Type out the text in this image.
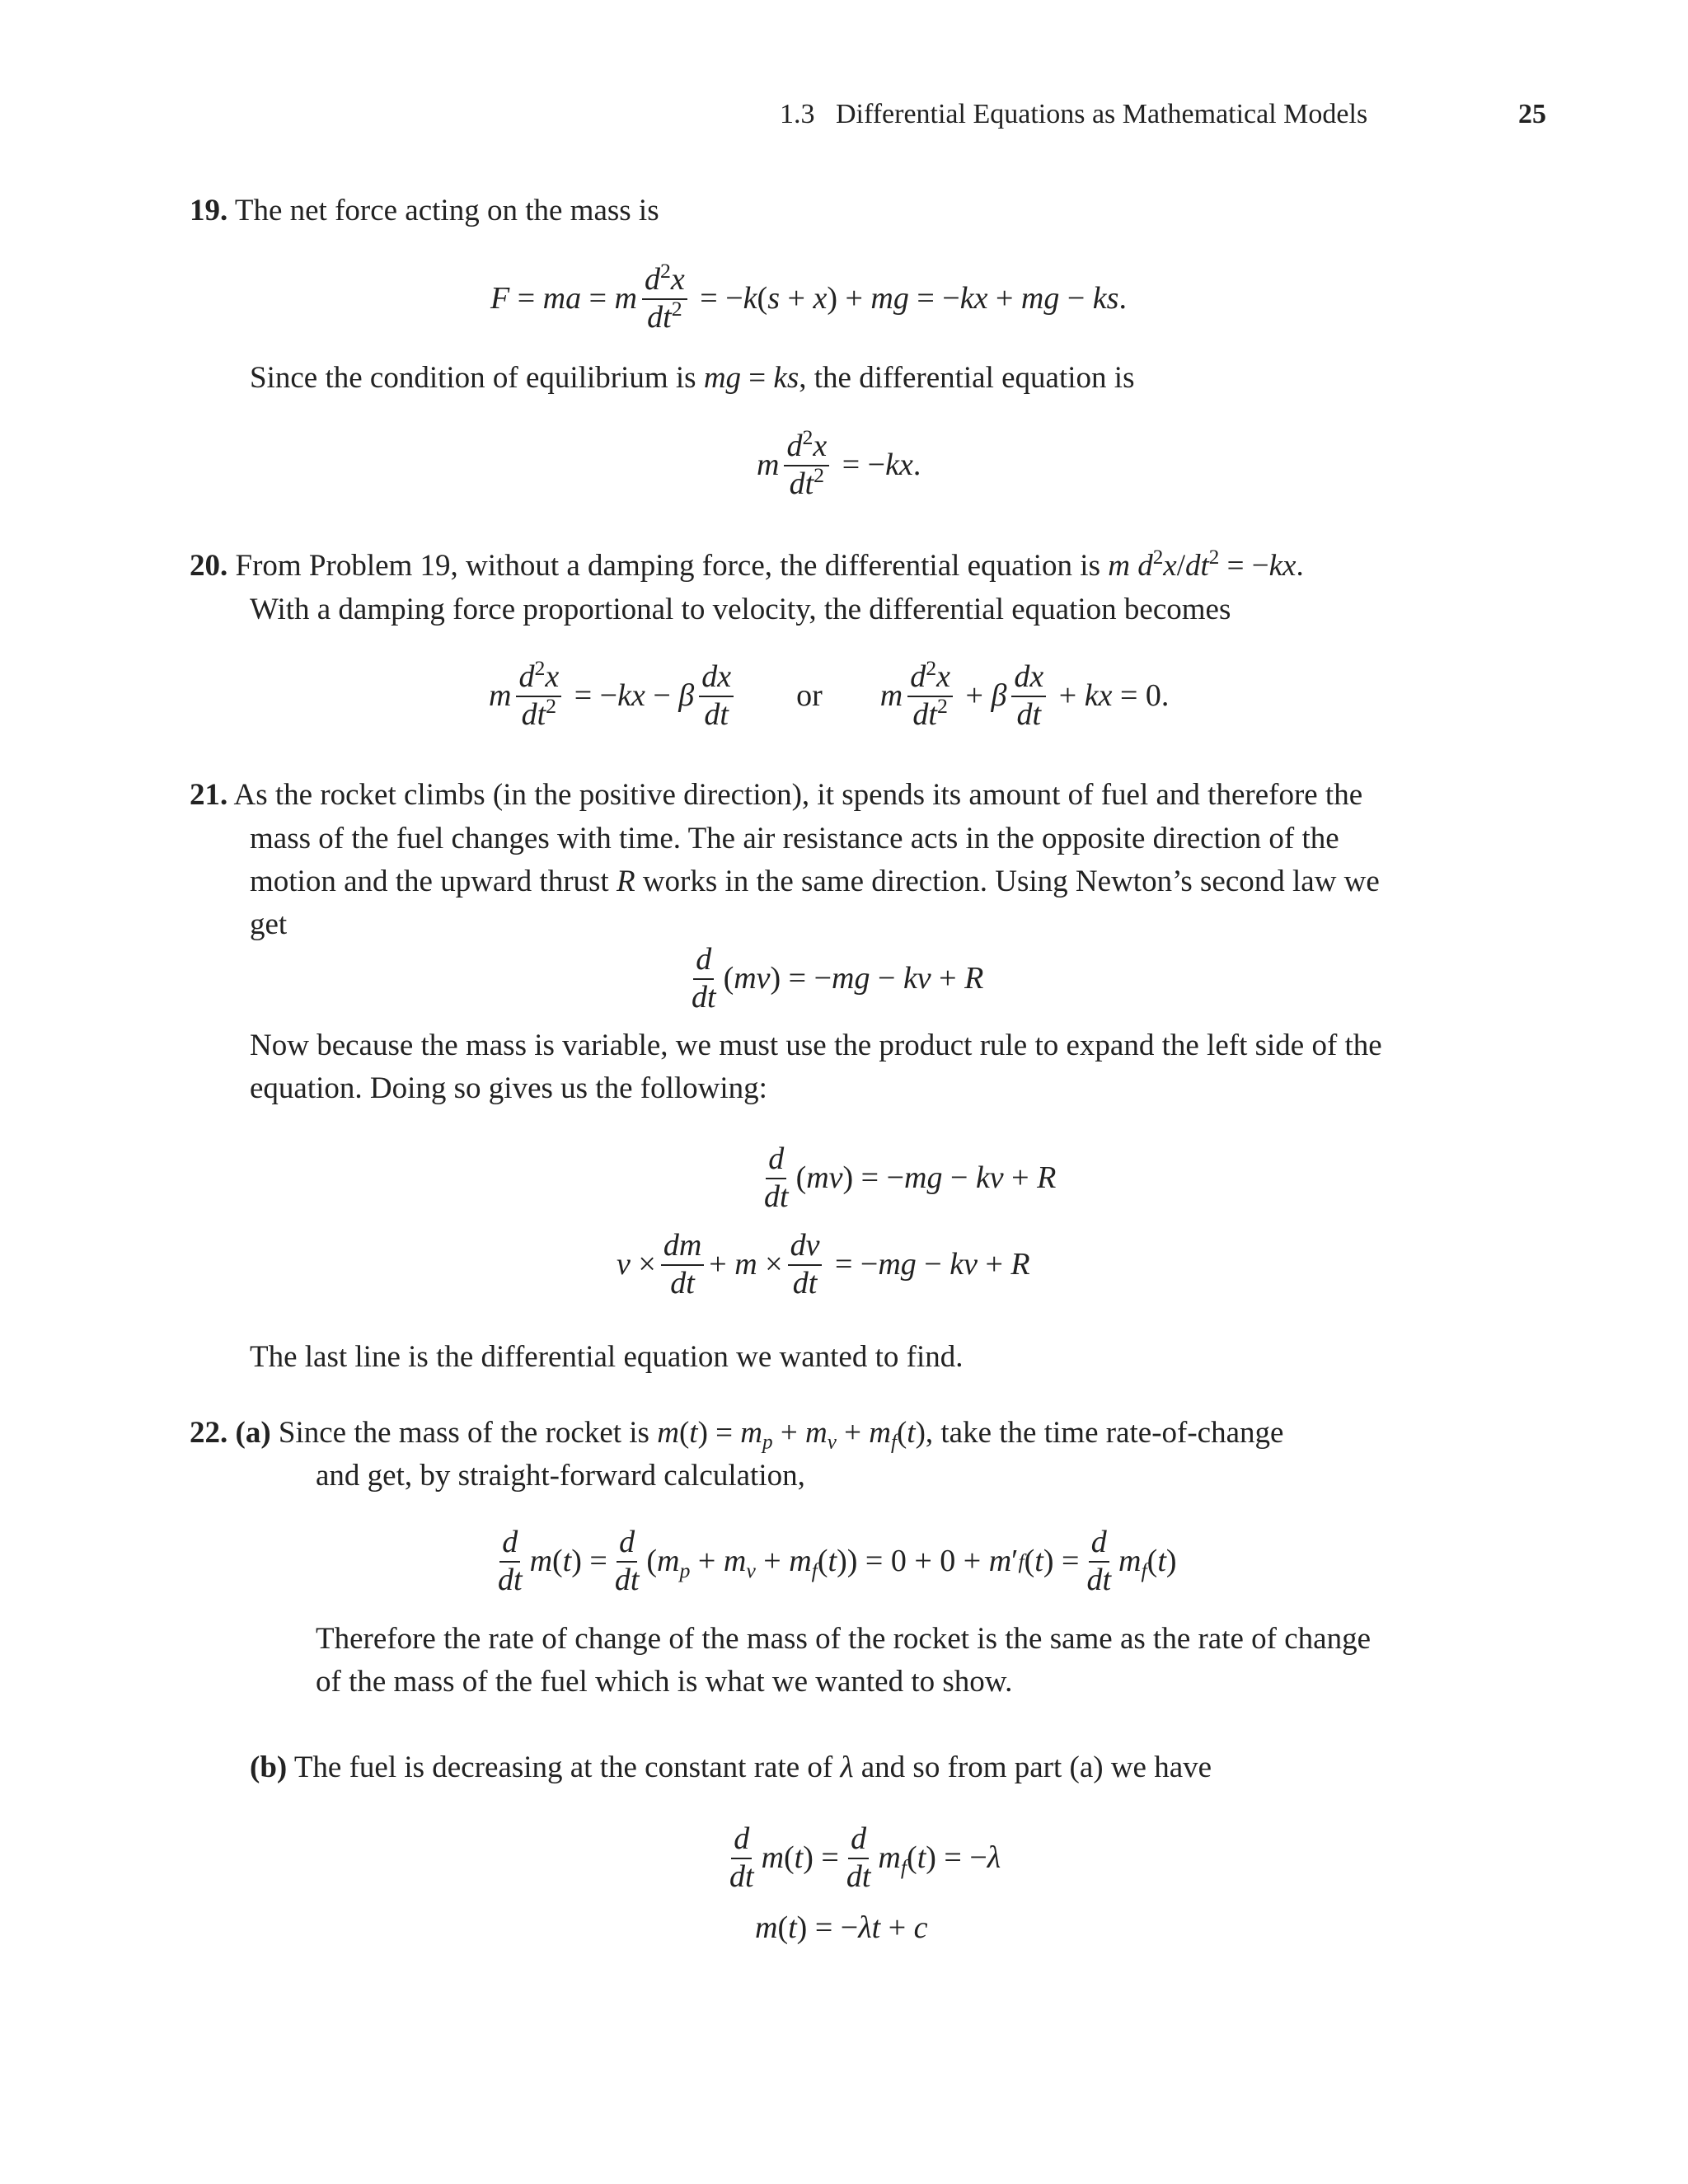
1.3 Differential Equations as Mathematical Models	25
19. The net force acting on the mass is
F = ma = m $\frac{d^2x}{dt^2}$ = − k ( s + x ) + mg = − kx + mg − ks .
Since the condition of equilibrium is mg = ks, the differential equation is
m $\frac{d^2x}{dt^2}$ = − kx .
20. From Problem 19, without a damping force, the differential equation is m $d^2x/dt^2 = -kx$.
With a damping force proportional to velocity, the differential equation becomes
m $\frac{d^2x}{dt^2}$ = − kx − β $\frac{dx}{dt}$ or m $\frac{d^2x}{dt^2} + \beta \frac{dx}{dt}$ + kx = 0.
21. As the rocket climbs (in the positive direction), it spends its amount of fuel and therefore the
mass of the fuel changes with time. The air resistance acts in the opposite direction of the
motion and the upward thrust R works in the same direction. Using Newton’s second law we
get
$\frac{d}{dt}$ ( mv ) = − mg − kv + R
Now because the mass is variable, we must use the product rule to expand the left side of the
equation. Doing so gives us the following:
$\frac{d}{dt}$ ( mv ) = − mg − kv + R
$v \times \frac{dm}{dt} + m \times \frac{dv}{dt}$ = − mg − kv + R
The last line is the differential equation we wanted to find.
22. (a) Since the mass of the rocket is $m(t) = m_p + m_v + m_f(t)$, take the time rate-of-change
and get, by straight-forward calculation,
$\frac{d}{dt}$ m ( t ) = $\frac{d}{dt}$ ( $m_p + m_v + m_f$ ( t )) = 0 + 0 + m ′ f ( t ) = $\frac{d}{dt} m_f$ ( t )
Therefore the rate of change of the mass of the rocket is the same as the rate of change
of the mass of the fuel which is what we wanted to show.
(b) The fuel is decreasing at the constant rate of λ and so from part (a) we have
$\frac{d}{dt}$ m ( t ) = $\frac{d}{dt} m_f$ ( t ) = − λ
m ( t ) = − λt + c
